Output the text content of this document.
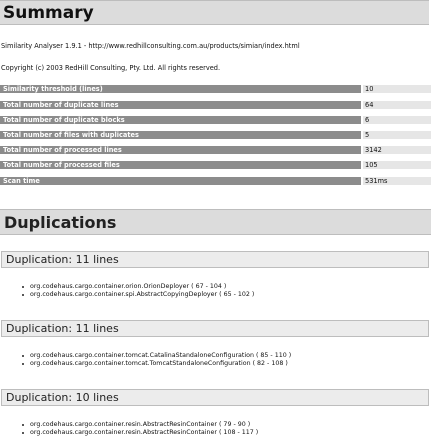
Summary
Similarity Analyser 1.9.1 - http://www.redhillconsulting.com.au/products/simian/index.html
Copyright (c) 2003 RedHill Consulting, Pty. Ltd. All rights reserved.
Similarity threshold (lines)	10
Total number of duplicate lines	64
Total number of duplicate blocks	6
Total number of files with duplicates	5
Total number of processed lines	3142
Total number of processed files	105
Scan time	531ms
Duplications
Duplication: 11 lines
org.codehaus.cargo.container.orion.OrionDeployer ( 67 - 104 )
org.codehaus.cargo.container.spi.AbstractCopyingDeployer ( 65 - 102 )
Duplication: 11 lines
org.codehaus.cargo.container.tomcat.CatalinaStandaloneConfiguration ( 85 - 110 )
org.codehaus.cargo.container.tomcat.TomcatStandaloneConfiguration ( 82 - 108 )
Duplication: 10 lines
org.codehaus.cargo.container.resin.AbstractResinContainer ( 79 - 90 )
org.codehaus.cargo.container.resin.AbstractResinContainer ( 108 - 117 )
